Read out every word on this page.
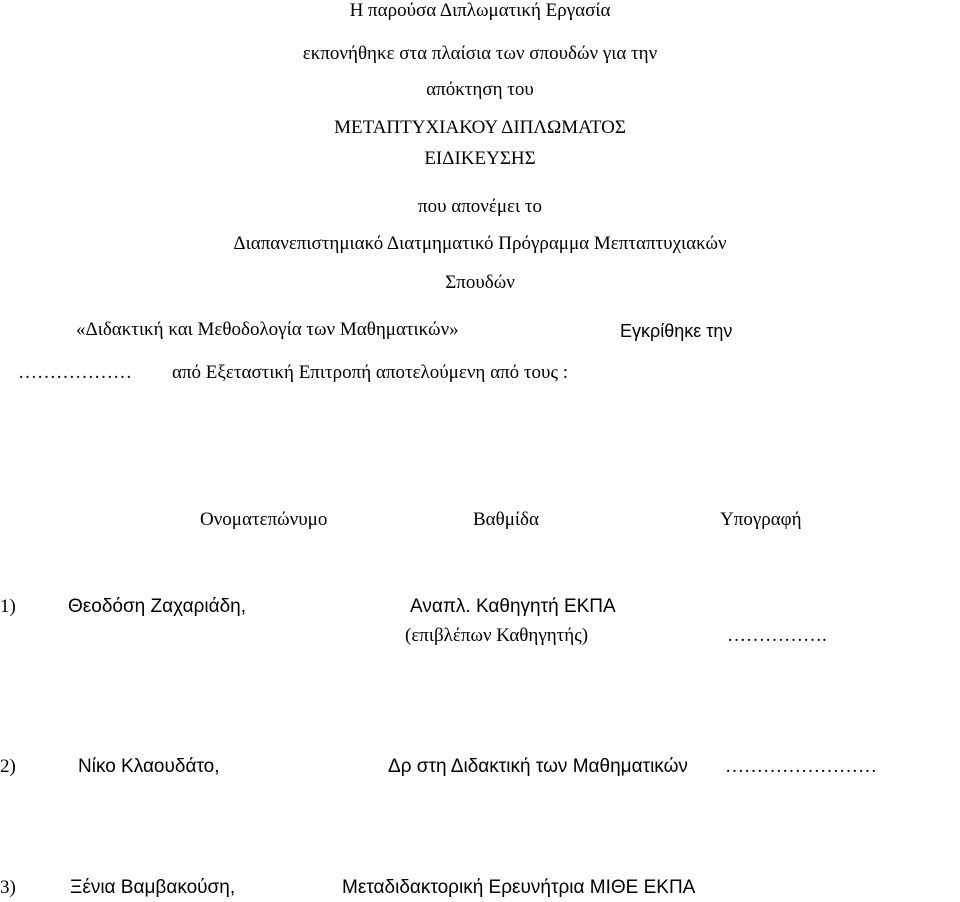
Η παρούσα Διπλωματική Εργασία
εκπονήθηκε στα πλαίσια των σπουδών για την
απόκτηση του
ΜΕΤΑΠΤΥΧΙΑΚΟΥ ΔΙΠΛΩΜΑΤΟΣ
ΕΙΔΙΚΕΥΣΗΣ
που απονέμει το
Διαπανεπιστημιακό Διατμηματικό Πρόγραμμα Μεπταπτυχιακών
Σπουδών
«Διδακτική και Μεθοδολογία των Μαθηματικών»	Εγκρίθηκε την
……………… από Εξεταστική Επιτροπή αποτελούμενη από τους :
Ονοματεπώνυμο	Βαθμίδα	Υπογραφή
1)	Θεοδόση Ζαχαριάδη,	Αναπλ. Καθηγητή ΕΚΠΑ
(επιβλέπων Καθηγητής)	…………….
2)	Νίκο Κλαουδάτο,	Δρ στη Διδακτική των Μαθηματικών ……………………
3)	Ξένια Βαμβακούση,	Μεταδιδακτορική Ερευνήτρια ΜΙΘΕ ΕΚΠΑ
